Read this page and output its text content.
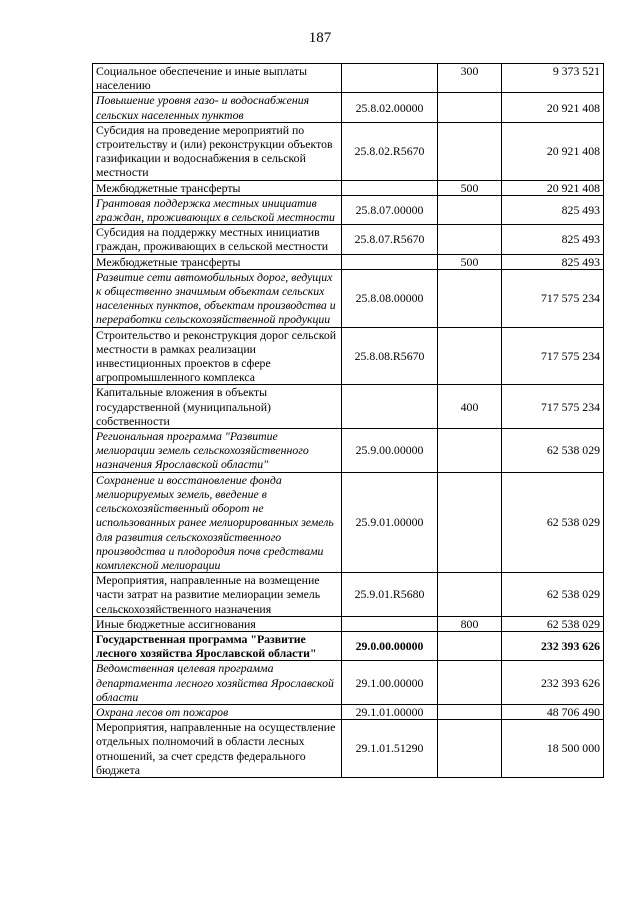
187
Социальное обеспечение и иные выплаты населению		300	9 373 521
Повышение уровня газо- и водоснабжения сельских населенных пунктов	25.8.02.00000		20 921 408
Субсидия на проведение мероприятий по строительству и (или) реконструкции объектов газификации и водоснабжения в сельской местности	25.8.02.R5670		20 921 408
Межбюджетные трансферты		500	20 921 408
Грантовая поддержка местных инициатив граждан, проживающих в сельской местности	25.8.07.00000		825 493
Субсидия на поддержку местных инициатив граждан, проживающих в сельской местности	25.8.07.R5670		825 493
Межбюджетные трансферты		500	825 493
Развитие сети автомобильных дорог, ведущих к общественно значимым объектам сельских населенных пунктов, объектам производства и переработки сельскохозяйственной продукции	25.8.08.00000		717 575 234
Строительство и реконструкция дорог сельской местности в рамках реализации инвестиционных проектов в сфере агропромышленного комплекса	25.8.08.R5670		717 575 234
Капитальные вложения в объекты государственной (муниципальной) собственности		400	717 575 234
Региональная программа "Развитие мелиорации земель сельскохозяйственного назначения Ярославской области"	25.9.00.00000		62 538 029
Сохранение и восстановление фонда мелиорируемых земель, введение в сельскохозяйственный оборот не использованных ранее мелиорированных земель для развития сельскохозяйственного производства и плодородия почв средствами комплексной мелиорации	25.9.01.00000		62 538 029
Мероприятия, направленные на возмещение части затрат на развитие мелиорации земель сельскохозяйственного назначения	25.9.01.R5680		62 538 029
Иные бюджетные ассигнования		800	62 538 029
Государственная программа "Развитие лесного хозяйства Ярославской области"	29.0.00.00000		232 393 626
Ведомственная целевая программа департамента лесного хозяйства Ярославской области	29.1.00.00000		232 393 626
Охрана лесов от пожаров	29.1.01.00000		48 706 490
Мероприятия, направленные на осуществление отдельных полномочий в области лесных отношений, за счет средств федерального бюджета	29.1.01.51290		18 500 000
